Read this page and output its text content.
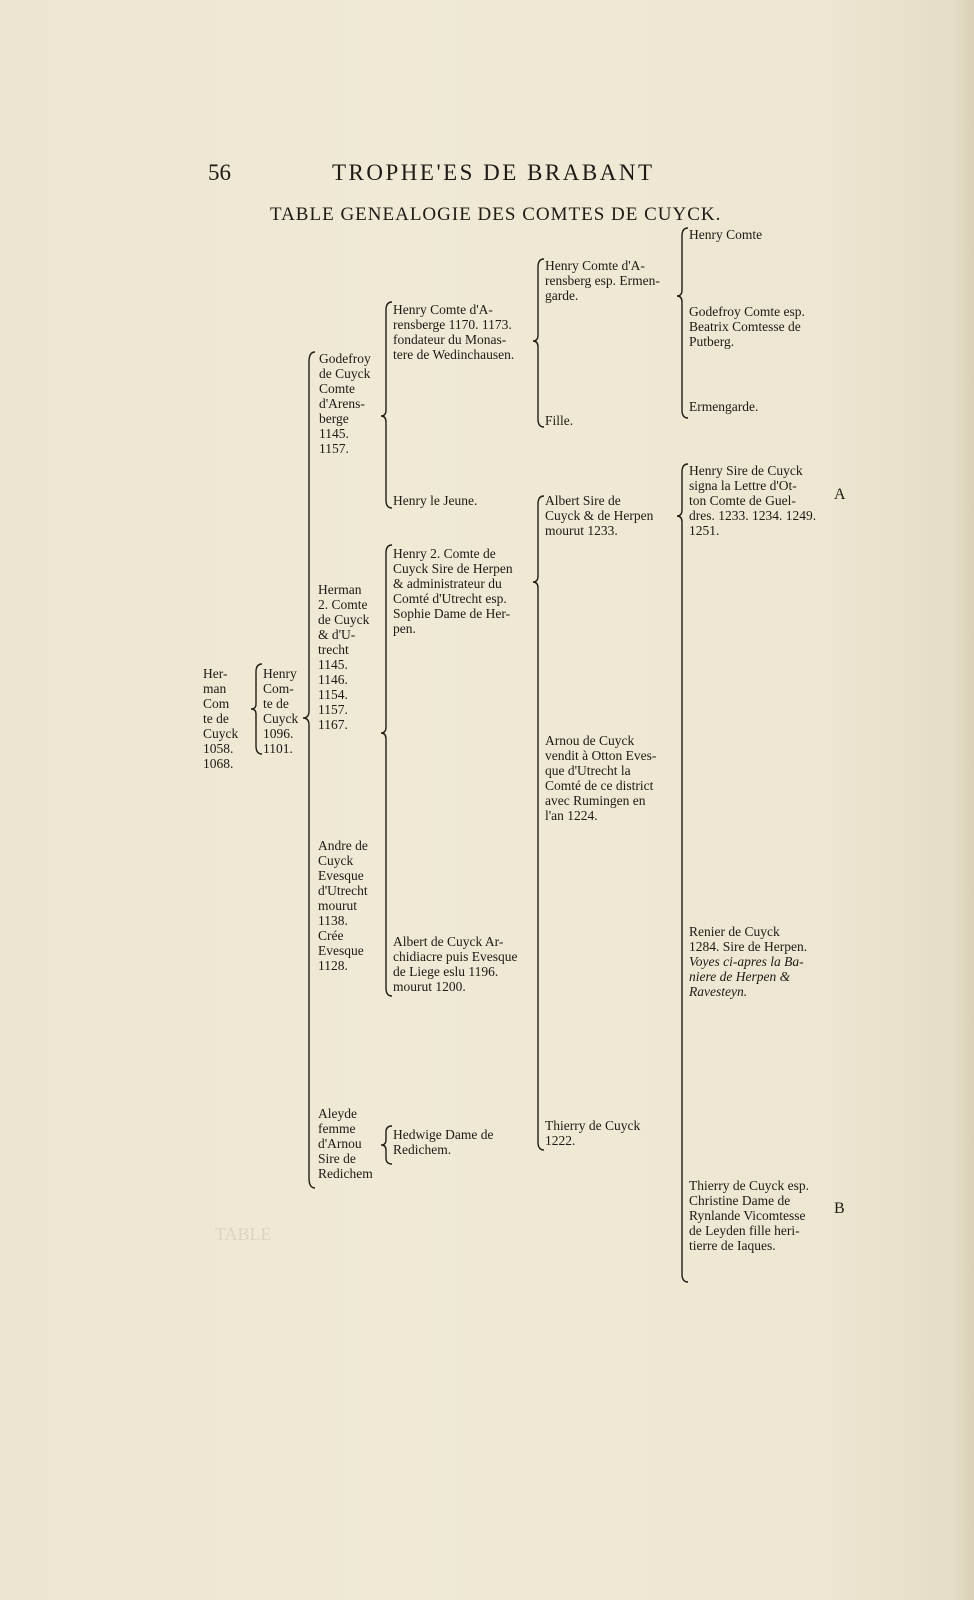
TABLE
56	TROPHE'ES DE BRABANT
TABLE GENEALOGIE DES COMTES DE CUYCK.
Her-
man
Com
te de
Cuyck
1058.
1068.
Henry
Com-
te de
Cuyck
1096.
1101.
Godefroy
de Cuyck
Comte
d'Arens-
berge
1145.
1157.
Herman
2. Comte
de Cuyck
& d'U-
trecht
1145.
1146.
1154.
1157.
1167.
Andre de
Cuyck
Evesque
d'Utrecht
mourut
1138.
Crée
Evesque
1128.
Aleyde
femme
d'Arnou
Sire de
Redichem
Henry Comte d'A-
rensberge 1170. 1173.
fondateur du Monas-
tere de Wedinchausen.
Henry le Jeune.
Henry 2. Comte de
Cuyck Sire de Herpen
& administrateur du
Comté d'Utrecht esp.
Sophie Dame de Her-
pen.
Albert de Cuyck Ar-
chidiacre puis Evesque
de Liege eslu 1196.
mourut 1200.
Hedwige Dame de
Redichem.
Henry Comte d'A-
rensberg esp. Ermen-
garde.
Fille.
Albert Sire de
Cuyck & de Herpen
mourut 1233.
Arnou de Cuyck
vendit à Otton Eves-
que d'Utrecht la
Comté de ce district
avec Rumingen en
l'an 1224.
Thierry de Cuyck
1222.
Henry Comte
Godefroy Comte esp.
Beatrix Comtesse de
Putberg.
Ermengarde.
Henry Sire de Cuyck
signa la Lettre d'Ot-
ton Comte de Guel-
dres. 1233. 1234. 1249.
1251.
Renier de Cuyck
1284. Sire de Herpen.
Voyes ci-apres la Ba-
niere de Herpen &
Ravesteyn.
Thierry de Cuyck esp.
Christine Dame de
Rynlande Vicomtesse
de Leyden fille heri-
tierre de Iaques.
A
B
